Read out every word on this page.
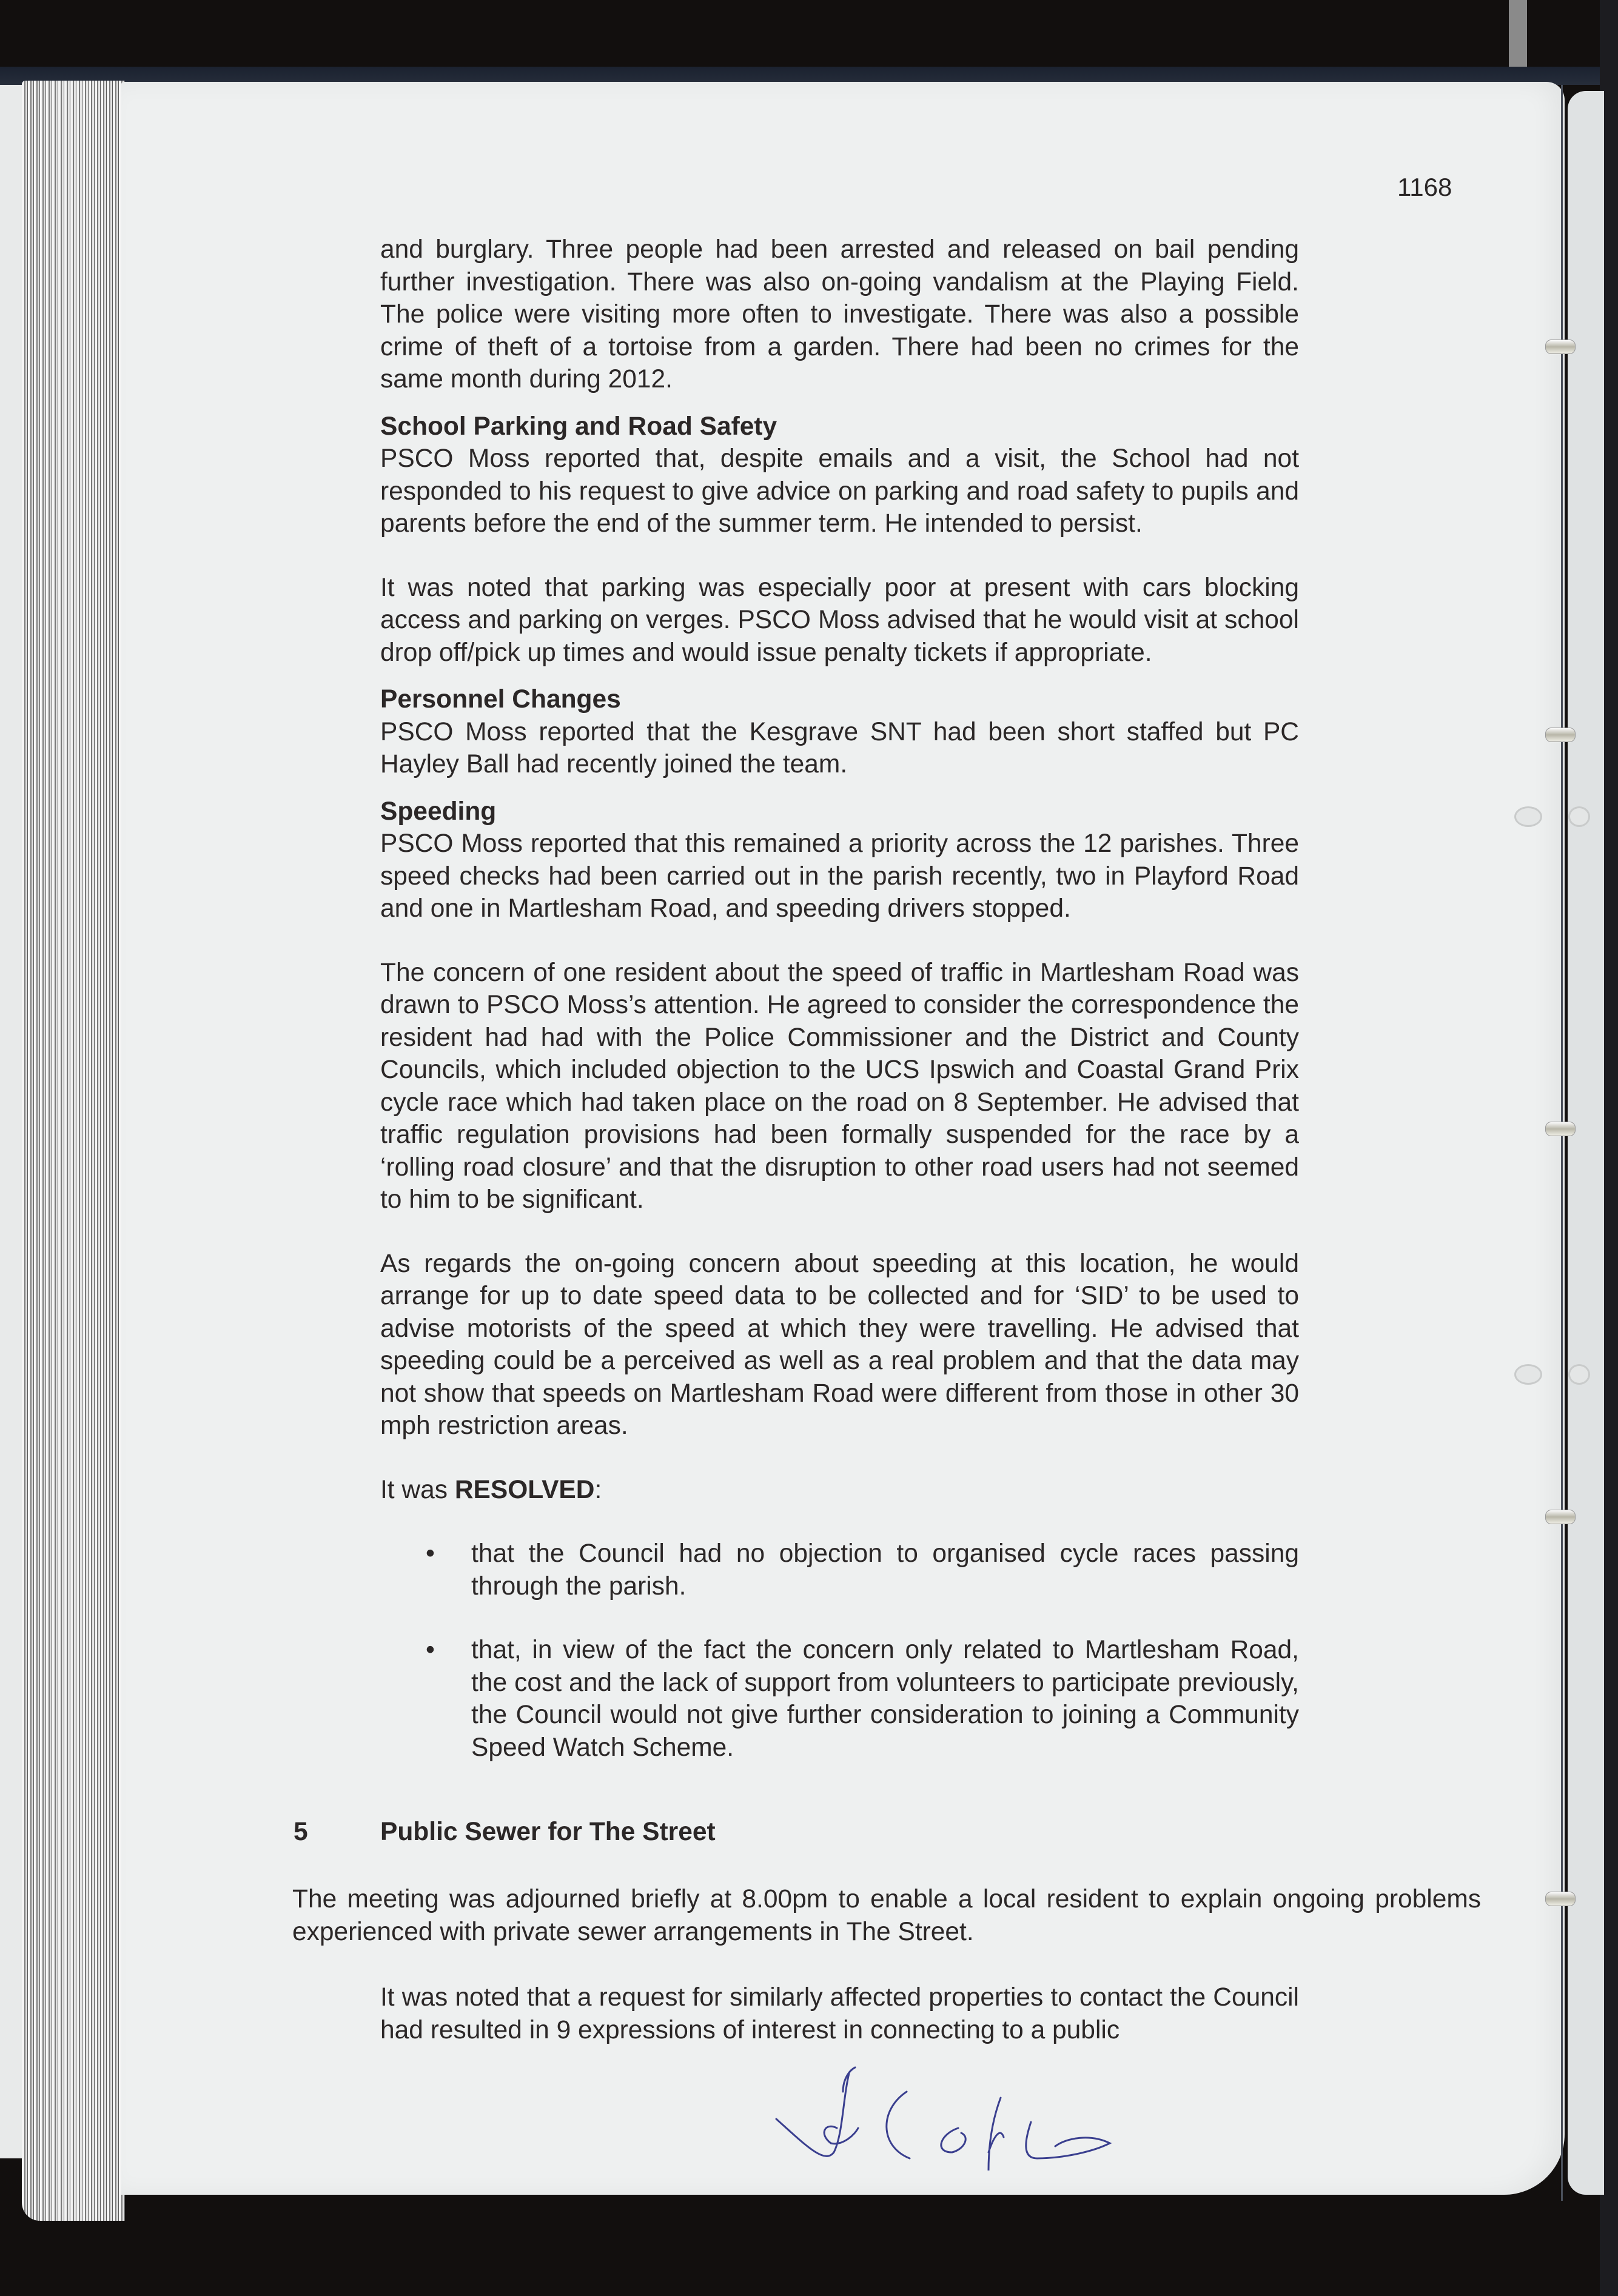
1168

and burglary. Three people had been arrested and released on bail pending further investigation. There was also on-going vandalism at the Playing Field. The police were visiting more often to investigate. There was also a possible crime of theft of a tortoise from a garden. There had been no crimes for the same month during 2012.

School Parking and Road Safety

PSCO Moss reported that, despite emails and a visit, the School had not responded to his request to give advice on parking and road safety to pupils and parents before the end of the summer term. He intended to persist.

It was noted that parking was especially poor at present with cars blocking access and parking on verges. PSCO Moss advised that he would visit at school drop off/pick up times and would issue penalty tickets if appropriate.

Personnel Changes

PSCO Moss reported that the Kesgrave SNT had been short staffed but PC Hayley Ball had recently joined the team.

Speeding

PSCO Moss reported that this remained a priority across the 12 parishes. Three speed checks had been carried out in the parish recently, two in Playford Road and one in Martlesham Road, and speeding drivers stopped.

The concern of one resident about the speed of traffic in Martlesham Road was drawn to PSCO Moss’s attention. He agreed to consider the correspondence the resident had had with the Police Commissioner and the District and County Councils, which included objection to the UCS Ipswich and Coastal Grand Prix cycle race which had taken place on the road on 8 September. He advised that traffic regulation provisions had been formally suspended for the race by a ‘rolling road closure’ and that the disruption to other road users had not seemed to him to be significant.

As regards the on-going concern about speeding at this location, he would arrange for up to date speed data to be collected and for ‘SID’ to be used to advise motorists of the speed at which they were travelling. He advised that speeding could be a perceived as well as a real problem and that the data may not show that speeds on Martlesham Road were different from those in other 30 mph restriction areas.

It was RESOLVED:

• that the Council had no objection to organised cycle races passing through the parish.
• that, in view of the fact the concern only related to Martlesham Road, the cost and the lack of support from volunteers to participate previously, the Council would not give further consideration to joining a Community Speed Watch Scheme.
5	Public Sewer for The Street

The meeting was adjourned briefly at 8.00pm to enable a local resident to explain ongoing problems experienced with private sewer arrangements in The Street.

It was noted that a request for similarly affected properties to contact the Council had resulted in 9 expressions of interest in connecting to a public
